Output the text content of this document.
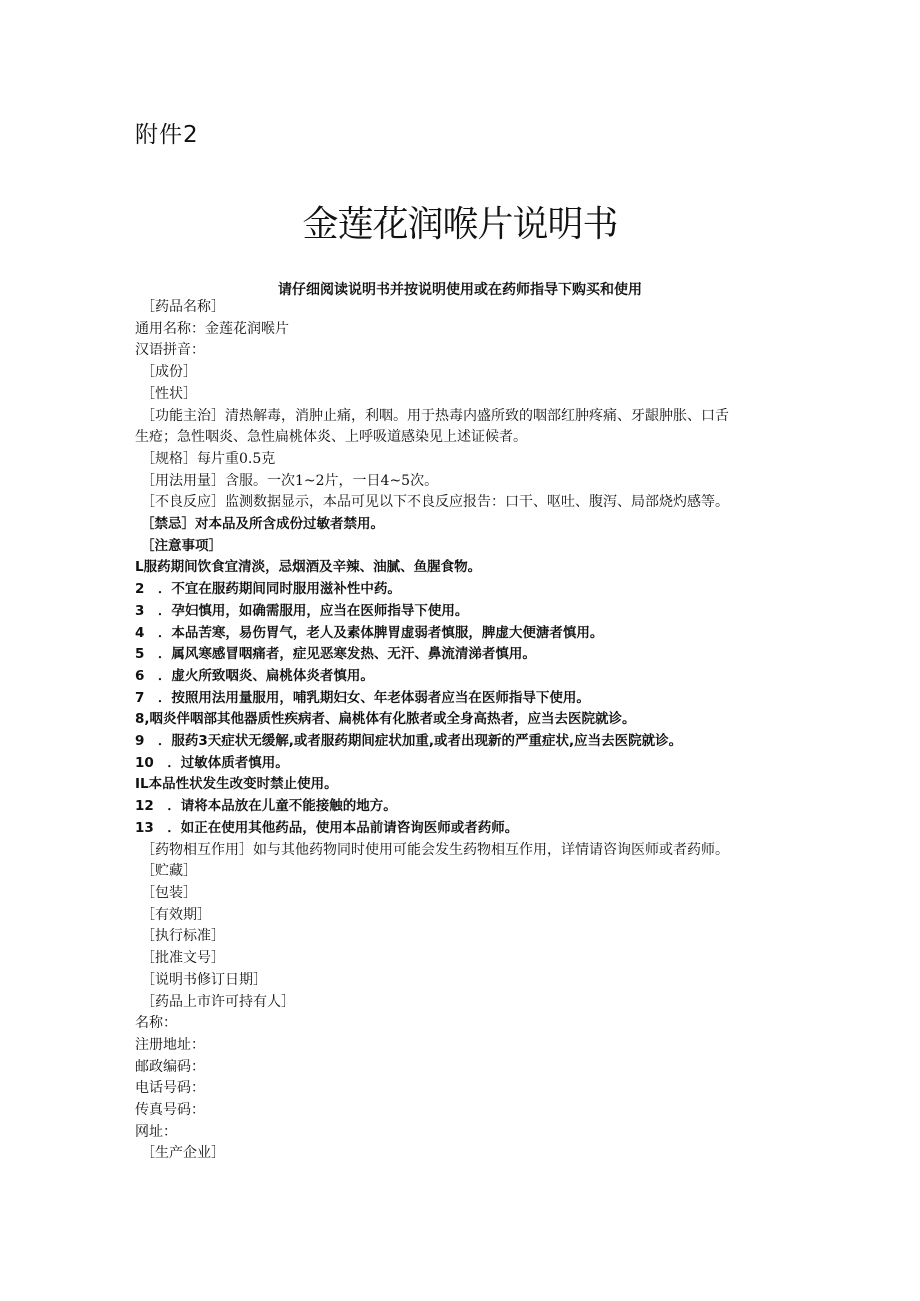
附件2
金莲花润喉片说明书
请仔细阅读说明书并按说明使用或在药师指导下购买和使用
［药品名称］
通用名称：金莲花润喉片
汉语拼音：
［成份］
［性状］
［功能主治］清热解毒，消肿止痛，利咽。用于热毒内盛所致的咽部红肿疼痛、牙龈肿胀、口舌
生疮；急性咽炎、急性扁桃体炎、上呼吸道感染见上述证候者。
［规格］每片重0.5克
［用法用量］含服。一次1~2片，一日4~5次。
［不良反应］监测数据显示，本品可见以下不良反应报告：口干、呕吐、腹泻、局部烧灼感等。
［禁忌］对本品及所含成份过敏者禁用。
［注意事项］
L服药期间饮食宜清淡，忌烟酒及辛辣、油腻、鱼腥食物。
2　．不宜在服药期间同时服用滋补性中药。
3　．孕妇慎用，如确需服用，应当在医师指导下使用。
4　．本品苦寒，易伤胃气，老人及素体脾胃虚弱者慎服，脾虚大便溏者慎用。
5　．属风寒感冒咽痛者，症见恶寒发热、无汗、鼻流清涕者慎用。
6　．虚火所致咽炎、扁桃体炎者慎用。
7　．按照用法用量服用，哺乳期妇女、年老体弱者应当在医师指导下使用。
8,咽炎伴咽部其他器质性疾病者、扁桃体有化脓者或全身高热者，应当去医院就诊。
9　．服药3天症状无缓解,或者服药期间症状加重,或者出现新的严重症状,应当去医院就诊。
10　．过敏体质者慎用。
IL本品性状发生改变时禁止使用。
12　．请将本品放在儿童不能接触的地方。
13　．如正在使用其他药品，使用本品前请咨询医师或者药师。
［药物相互作用］如与其他药物同时使用可能会发生药物相互作用，详情请咨询医师或者药师。
［贮藏］
［包装］
［有效期］
［执行标准］
［批准文号］
［说明书修订日期］
［药品上市许可持有人］
名称：
注册地址：
邮政编码：
电话号码：
传真号码：
网址：
［生产企业］
